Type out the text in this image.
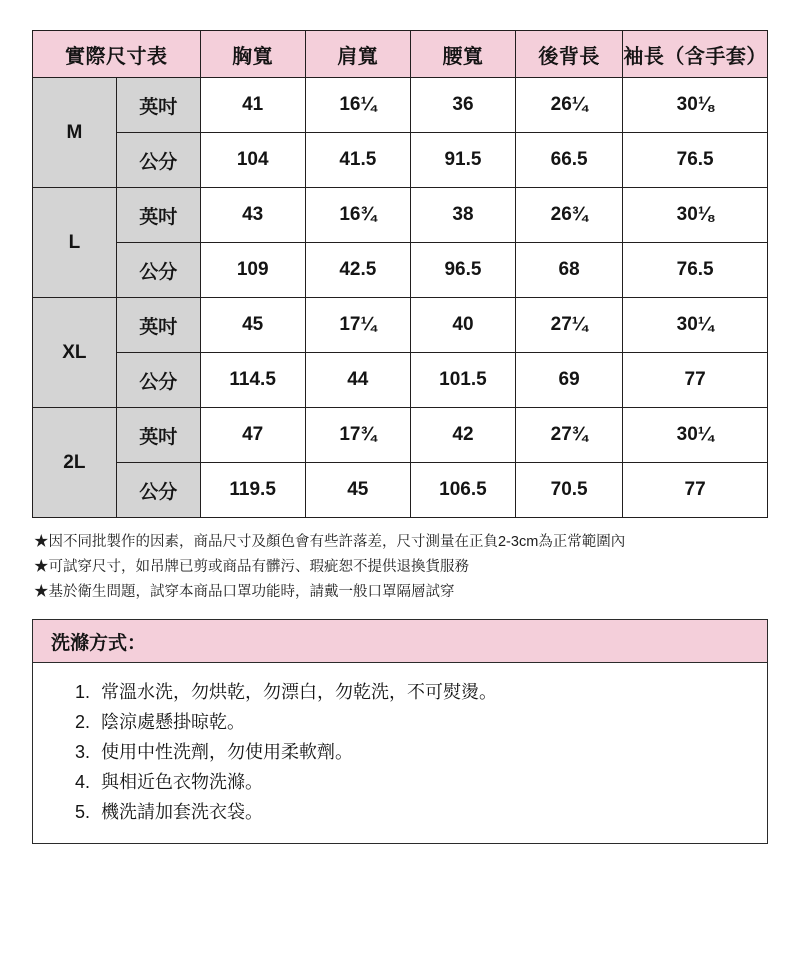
實際尺寸表		胸寬	肩寬	腰寬	後背長	袖長（含手套）
M	英吋	41	16¼	36	26¼	30⅛
	公分	104	41.5	91.5	66.5	76.5
L	英吋	43	16¾	38	26¾	30⅛
	公分	109	42.5	96.5	68	76.5
XL	英吋	45	17¼	40	27¼	30¼
	公分	114.5	44	101.5	69	77
2L	英吋	47	17¾	42	27¾	30¼
	公分	119.5	45	106.5	70.5	77
★因不同批製作的因素，商品尺寸及顏色會有些許落差，尺寸測量在正負2-3cm為正常範圍內
★可試穿尺寸，如吊牌已剪或商品有髒污、瑕疵恕不提供退換貨服務
★基於衛生問題，試穿本商品口罩功能時，請戴一般口罩隔層試穿
洗滌方式：
1. 常溫水洗，勿烘乾，勿漂白，勿乾洗，不可熨燙。
2. 陰涼處懸掛晾乾。
3. 使用中性洗劑，勿使用柔軟劑。
4. 與相近色衣物洗滌。
5. 機洗請加套洗衣袋。
